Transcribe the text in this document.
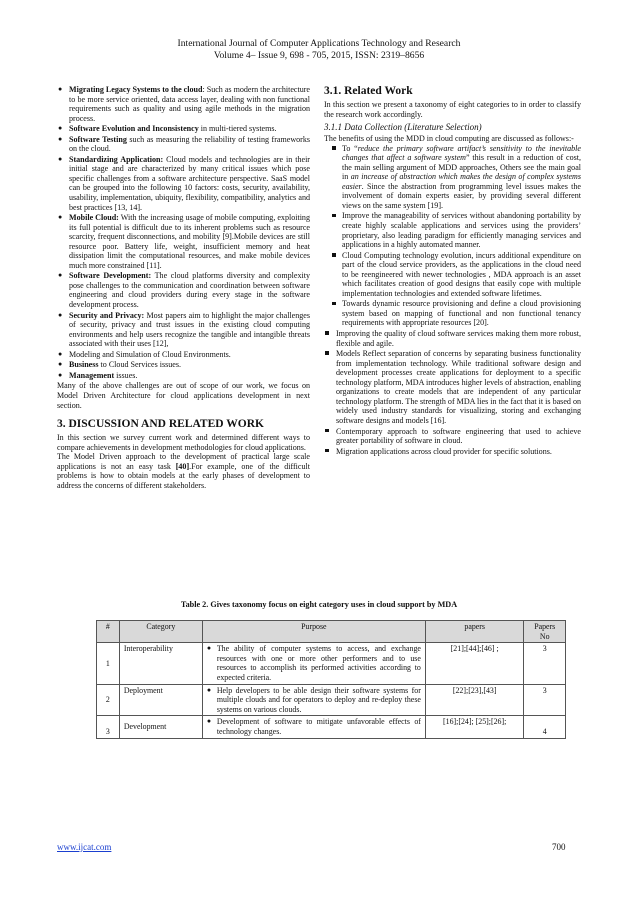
International Journal of Computer Applications Technology and Research
Volume 4– Issue 9, 698 - 705, 2015, ISSN: 2319–8656
● Migrating Legacy Systems to the cloud: Such as modern the architecture to be more service oriented, data access layer, dealing with non functional requirements such as quality and using agile methods in the migration process.
● Software Evolution and Inconsistency in multi-tiered systems.
● Software Testing such as measuring the reliability of testing frameworks on the cloud.
● Standardizing Application: Cloud models and technologies are in their initial stage and are characterized by many critical issues which pose specific challenges from a software architecture perspective. SaaS model can be grouped into the following 10 factors: costs, security, availability, usability, implementation, ubiquity, flexibility, compatibility, analytics and best practices [13, 14].
● Mobile Cloud: With the increasing usage of mobile computing, exploiting its full potential is difficult due to its inherent problems such as resource scarcity, frequent disconnections, and mobility [9].Mobile devices are still resource poor. Battery life, weight, insufficient memory and heat dissipation limit the computational resources, and make mobile devices much more constrained [11].
● Software Development: The cloud platforms diversity and complexity pose challenges to the communication and coordination between software engineering and cloud providers during every stage in the software development process.
● Security and Privacy: Most papers aim to highlight the major challenges of security, privacy and trust issues in the existing cloud computing environments and help users recognize the tangible and intangible threats associated with their uses [12],
● Modeling and Simulation of Cloud Environments.
● Business to Cloud Services issues.
● Management issues.

Many of the above challenges are out of scope of our work, we focus on Model Driven Architecture for cloud applications development in next section.

3. DISCUSSION AND RELATED WORK

In this section we survey current work and determined different ways to compare achievements in development methodologies for cloud applications.

The Model Driven approach to the development of practical large scale applications is not an easy task [40].For example, one of the difficult problems is how to obtain models at the early phases of development to address the concerns of different stakeholders.

3.1. Related Work

In this section we present a taxonomy of eight categories to in order to classify the research work accordingly.

3.1.1 Data Collection (Literature Selection)

The benefits of using the MDD in cloud computing are discussed as follows:-

To “reduce the primary software artifact’s sensitivity to the inevitable changes that affect a software system” this result in a reduction of cost, the main selling argument of MDD approaches, Others see the main goal in an increase of abstraction which makes the design of complex systems easier. Since the abstraction from programming level issues makes the involvement of domain experts easier, by providing several different views on the same system [19].
Improve the manageability of services without abandoning portability by create highly scalable applications and services using the providers’ proprietary, also leading paradigm for efficiently managing services and applications in a highly automated manner.
Cloud Computing technology evolution, incurs additional expenditure on part of the cloud service providers, as the applications in the cloud need to be reengineered with newer technologies , MDA approach is an asset which facilitates creation of good designs that easily cope with multiple implementation technologies and extended software lifetimes.
Towards dynamic resource provisioning and define a cloud provisioning system based on mapping of functional and non functional tenancy requirements with appropriate resources [20].
Improving the quality of cloud software services making them more robust, flexible and agile.
Models Reflect separation of concerns by separating business functionality from implementation technology. While traditional software design and development processes create applications for deployment to a specific technology platform, MDA introduces higher levels of abstraction, enabling organizations to create models that are independent of any particular technology platform. The strength of MDA lies in the fact that it is based on widely used industry standards for visualizing, storing and exchanging software designs and models [16].
Contemporary approach to software engineering that used to achieve greater portability of software in cloud.
Migration applications across cloud provider for specific solutions.
Table 2. Gives taxonomy focus on eight category uses in cloud support by MDA
#	Category	Purpose	papers	Papers No
1	Interoperability	● The ability of computer systems to access, and exchange resources with one or more other performers and to use resources to accomplish its performed activities according to expected criteria.	[21];[44];[46] ;	3
2	Deployment	● Help developers to be able design their software systems for multiple clouds and for operators to deploy and re-deploy these systems on various clouds.	[22];[23],[43]	3
3	Development	● Development of software to mitigate unfavorable effects of technology changes.	[16];[24]; [25];[26];	4
www.ijcat.com	700
